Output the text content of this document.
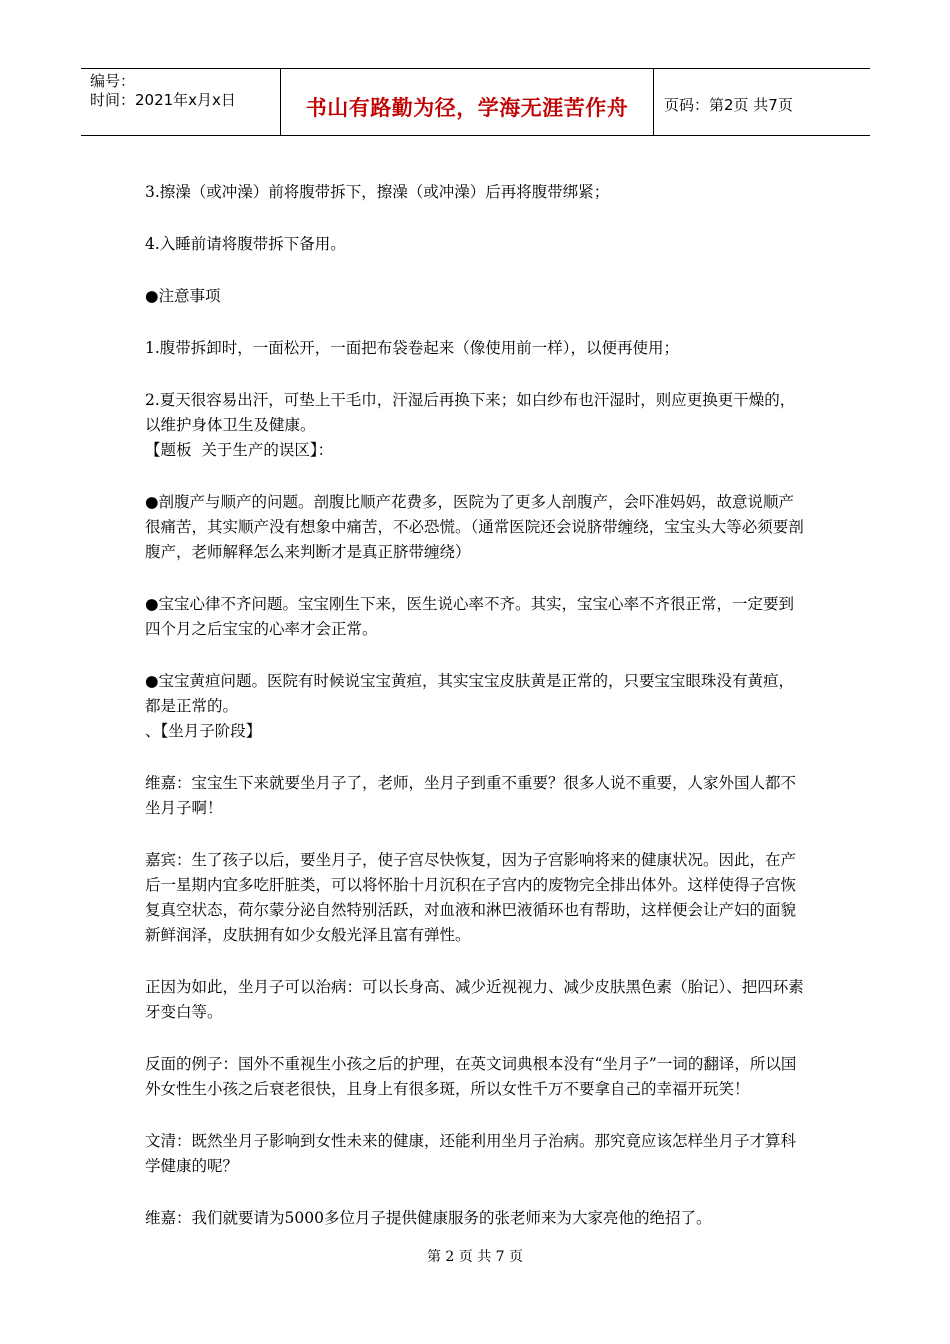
编号：
时间：2021年x月x日	书山有路勤为径，学海无涯苦作舟	页码：第2页 共7页

3.擦澡（或冲澡）前将腹带拆下，擦澡（或冲澡）后再将腹带绑紧；

4.入睡前请将腹带拆下备用。

●注意事项

1.腹带拆卸时，一面松开，一面把布袋卷起来（像使用前一样），以便再使用；

2.夏天很容易出汗，可垫上干毛巾，汗湿后再换下来；如白纱布也汗湿时，则应更换更干燥的，以维护身体卫生及健康。

【题板  关于生产的误区】：

●剖腹产与顺产的问题。剖腹比顺产花费多，医院为了更多人剖腹产，会吓准妈妈，故意说顺产很痛苦，其实顺产没有想象中痛苦，不必恐慌。（通常医院还会说脐带缠绕，宝宝头大等必须要剖腹产，老师解释怎么来判断才是真正脐带缠绕）

●宝宝心律不齐问题。宝宝刚生下来，医生说心率不齐。其实，宝宝心率不齐很正常，一定要到四个月之后宝宝的心率才会正常。

●宝宝黄疸问题。医院有时候说宝宝黄疸，其实宝宝皮肤黄是正常的，只要宝宝眼珠没有黄疸，都是正常的。

、【坐月子阶段】

维嘉：宝宝生下来就要坐月子了，老师，坐月子到重不重要？很多人说不重要，人家外国人都不坐月子啊！

嘉宾：生了孩子以后，要坐月子，使子宫尽快恢复，因为子宫影响将来的健康状况。因此，在产后一星期内宜多吃肝脏类，可以将怀胎十月沉积在子宫内的废物完全排出体外。这样使得子宫恢复真空状态，荷尔蒙分泌自然特别活跃，对血液和淋巴液循环也有帮助，这样便会让产妇的面貌新鲜润泽，皮肤拥有如少女般光泽且富有弹性。

正因为如此，坐月子可以治病：可以长身高、减少近视视力、减少皮肤黑色素（胎记）、把四环素牙变白等。

反面的例子：国外不重视生小孩之后的护理，在英文词典根本没有“坐月子”一词的翻译，所以国外女性生小孩之后衰老很快，且身上有很多斑，所以女性千万不要拿自己的幸福开玩笑！

文清：既然坐月子影响到女性未来的健康，还能利用坐月子治病。那究竟应该怎样坐月子才算科学健康的呢？

维嘉：我们就要请为5000多位月子提供健康服务的张老师来为大家亮他的绝招了。

第 2 页 共 7 页
